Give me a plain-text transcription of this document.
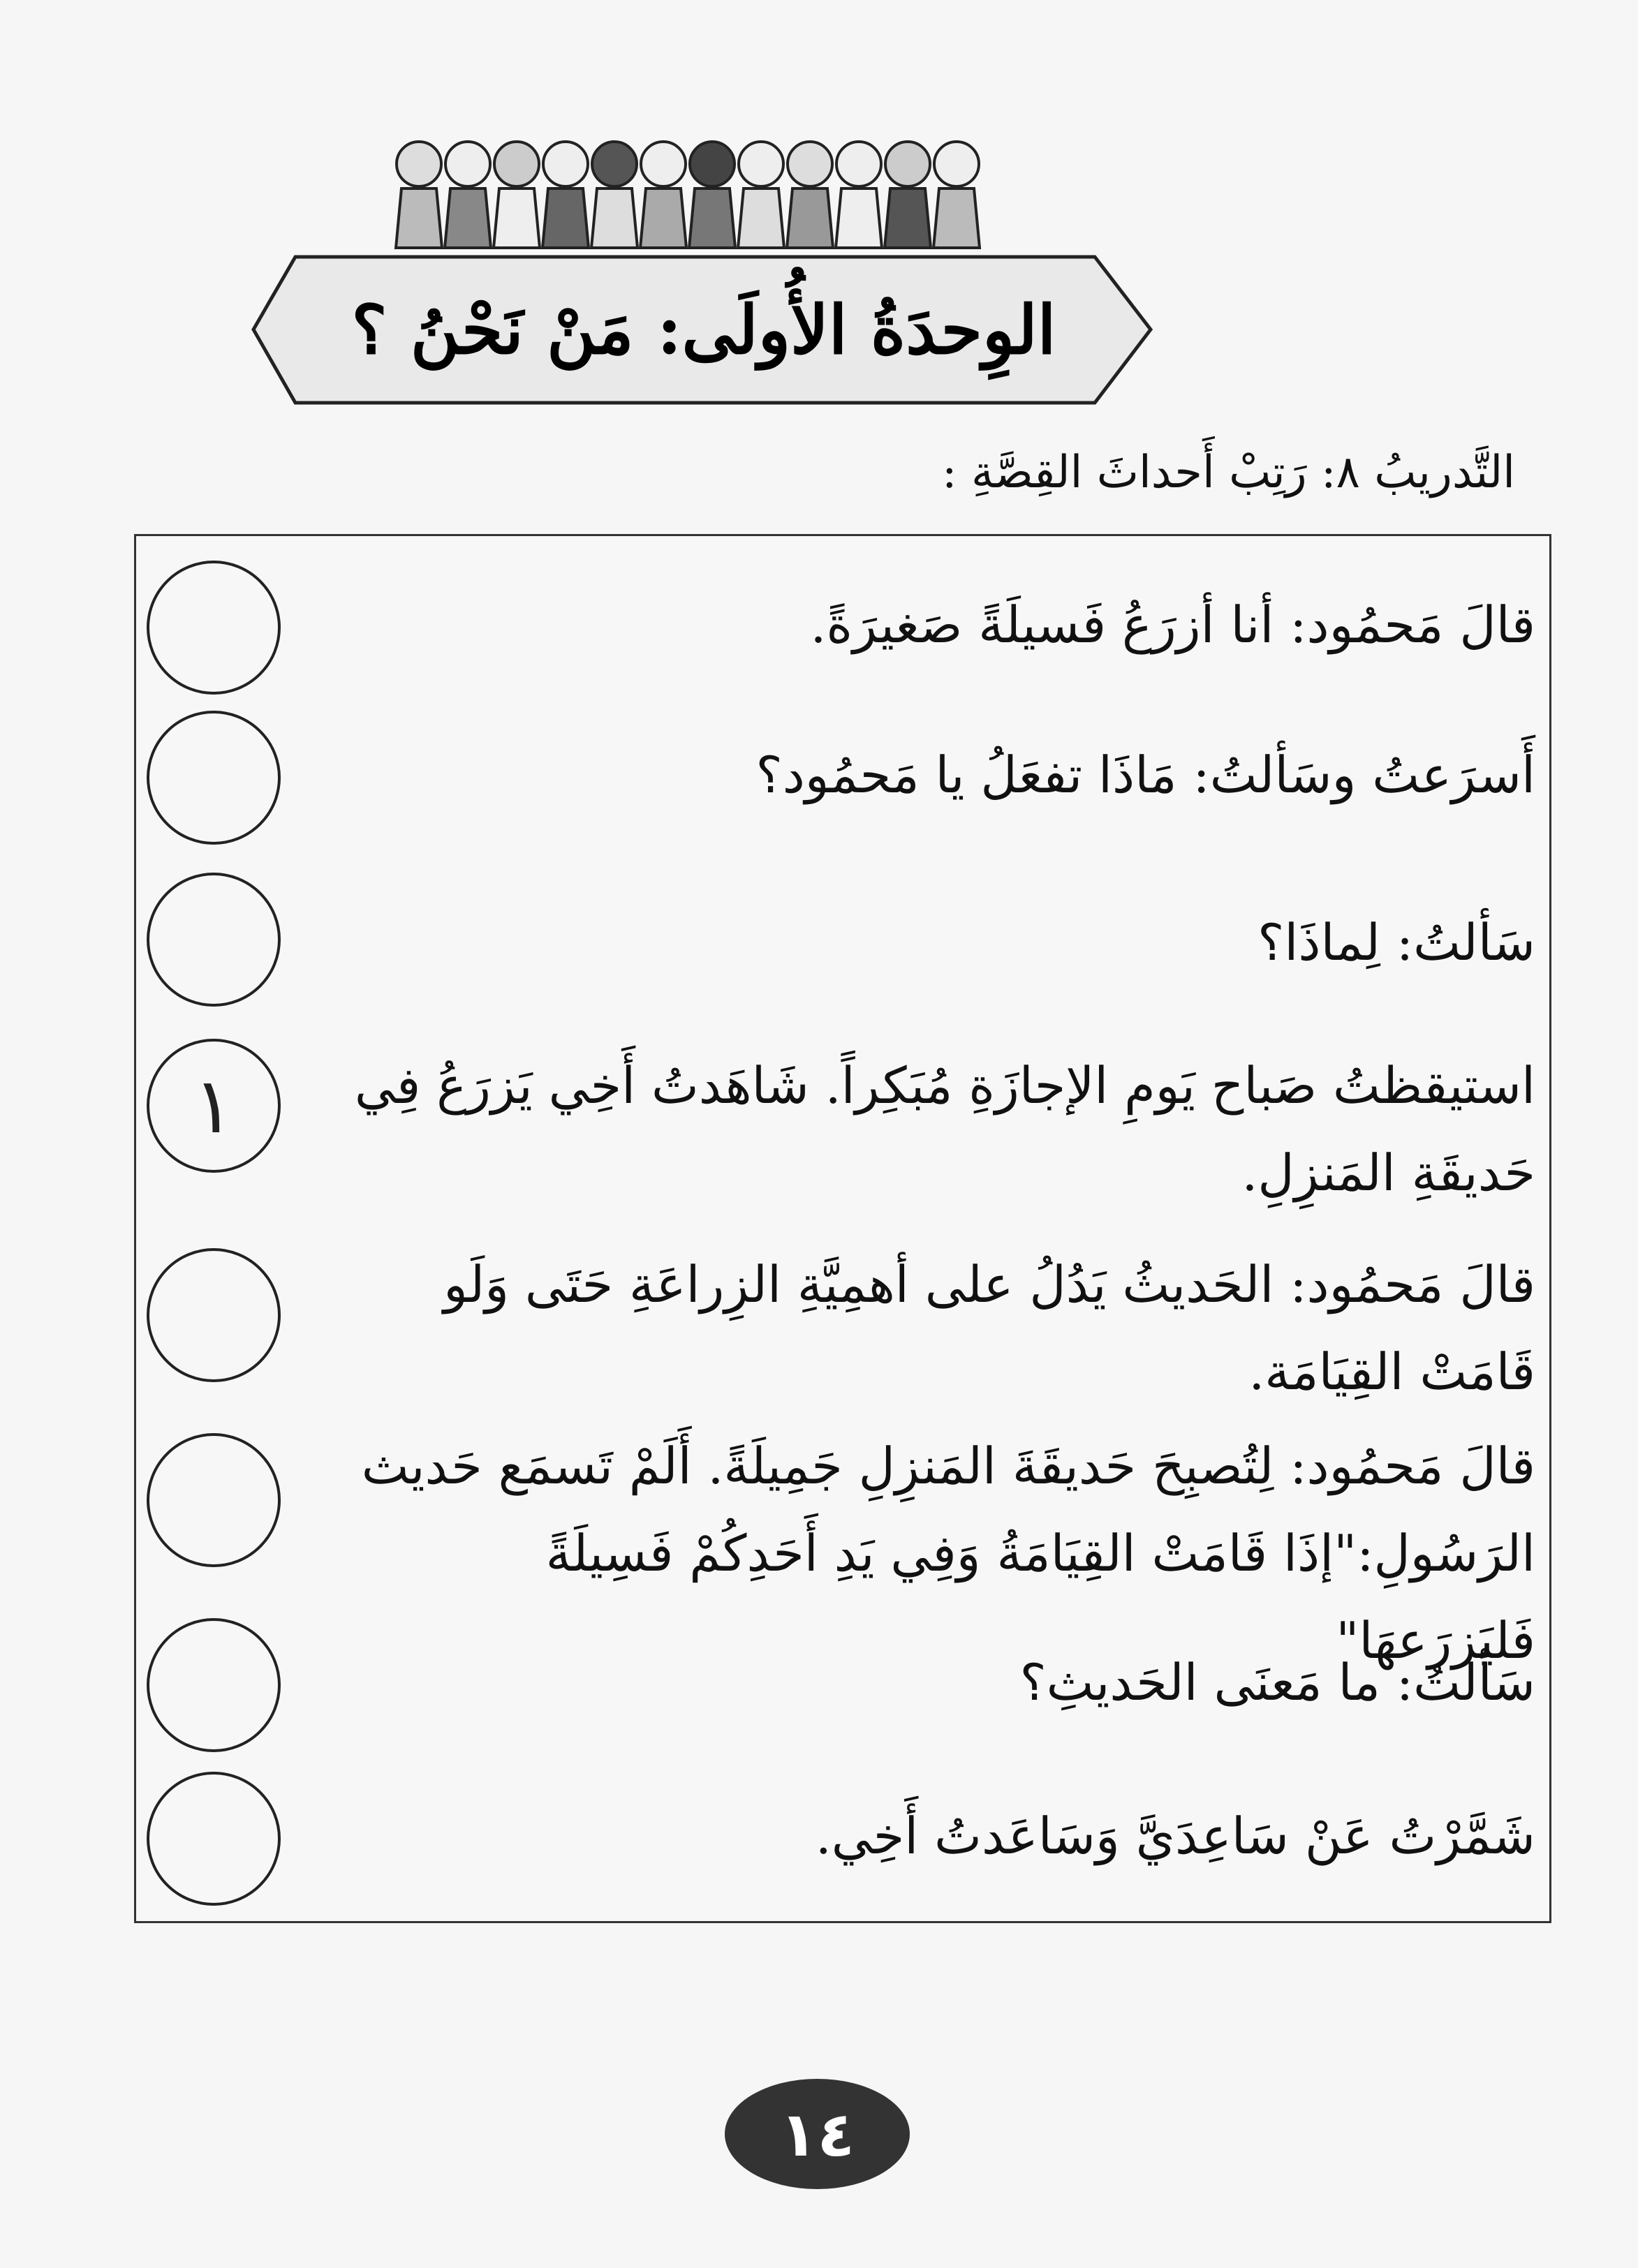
الوِحدَةُ الأُولَى: مَنْ نَحْنُ ؟
التَّدريبُ ٨: رَتِبْ أَحداثَ القِصَّةِ :
قالَ مَحمُود: أنا أزرَعُ فَسيلَةً صَغيرَةً.
أَسرَعتُ وسَألتُ: مَاذَا تفعَلُ يا مَحمُود؟
سَألتُ: لِماذَا؟
١	استيقظتُ صَباح يَومِ الإجازَةِ مُبَكِراً. شَاهَدتُ أَخِي يَزرَعُ فِي حَديقَةِ المَنزِلِ.
قالَ مَحمُود: الحَديثُ يَدُلُ على أهمِيَّةِ الزِراعَةِ حَتَى وَلَو قَامَتْ القِيَامَة.
قالَ مَحمُود: لِتُصبِحَ حَديقَةَ المَنزِلِ جَمِيلَةً. أَلَمْ تَسمَع حَديث الرَسُولِ:"إذَا قَامَتْ القِيَامَةُ وَفِي يَدِ أَحَدِكُمْ فَسِيلَةً فَليَزرَعهَا"
سَألتُ: ما مَعنَى الحَديثِ؟
شَمَّرْتُ عَنْ سَاعِدَيَّ وَسَاعَدتُ أَخِي.
١٤
